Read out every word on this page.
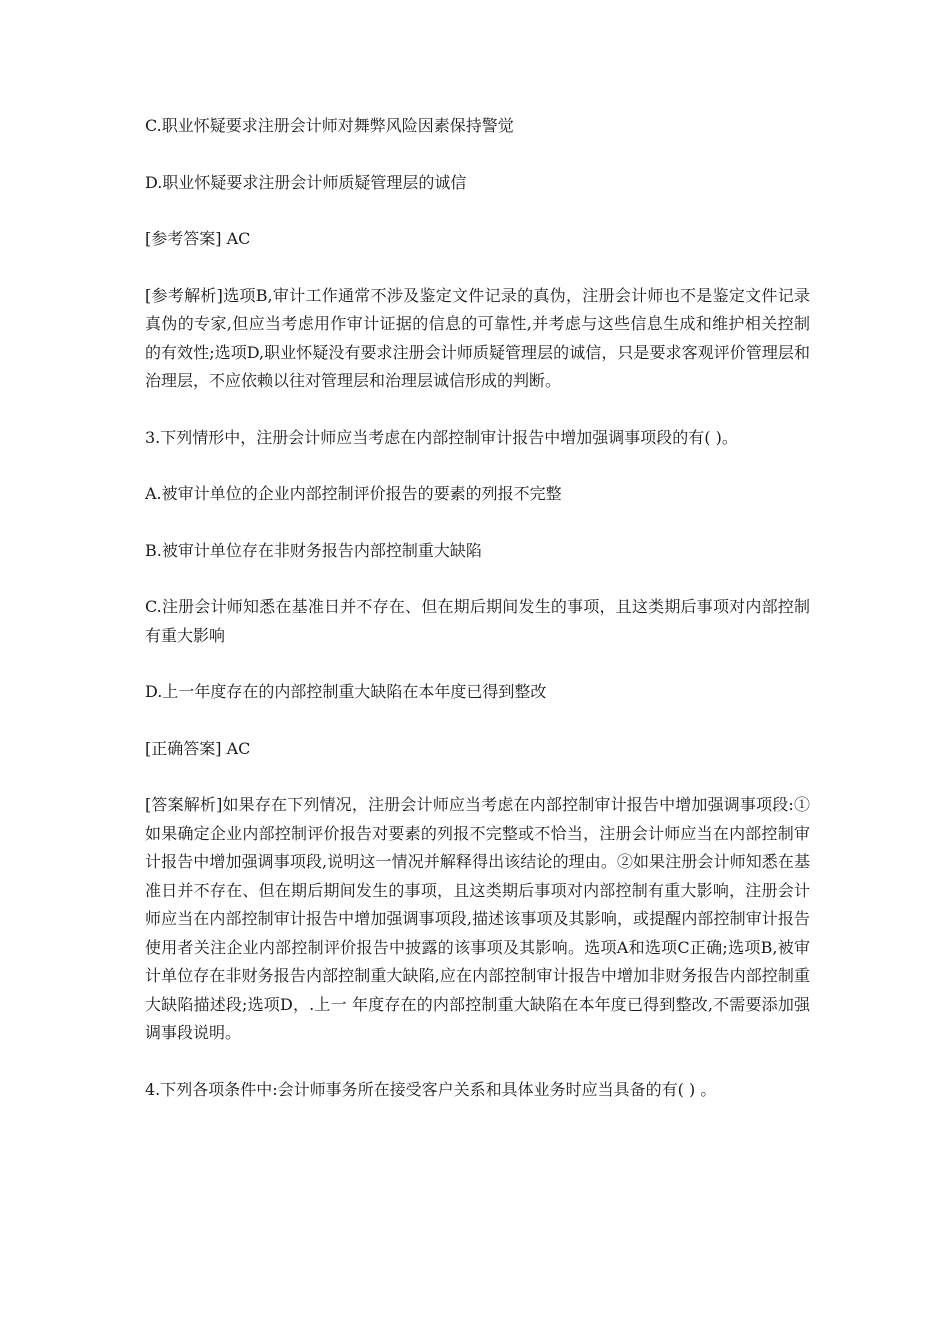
C.职业怀疑要求注册会计师对舞弊风险因素保持警觉

D.职业怀疑要求注册会计师质疑管理层的诚信

[参考答案] AC

[参考解析]选项B,审计工作通常不涉及鉴定文件记录的真伪，注册会计师也不是鉴定文件记录真伪的专家,但应当考虑用作审计证据的信息的可靠性,并考虑与这些信息生成和维护相关控制的有效性;选项D,职业怀疑没有要求注册会计师质疑管理层的诚信，只是要求客观评价管理层和治理层，不应依赖以往对管理层和治理层诚信形成的判断。

3.下列情形中，注册会计师应当考虑在内部控制审计报告中增加强调事项段的有( )。

A.被审计单位的企业内部控制评价报告的要素的列报不完整

B.被审计单位存在非财务报告内部控制重大缺陷

C.注册会计师知悉在基准日并不存在、但在期后期间发生的事项，且这类期后事项对内部控制有重大影响

D.上一年度存在的内部控制重大缺陷在本年度已得到整改

[正确答案] AC

[答案解析]如果存在下列情况，注册会计师应当考虑在内部控制审计报告中增加强调事项段:① 如果确定企业内部控制评价报告对要素的列报不完整或不恰当，注册会计师应当在内部控制审计报告中增加强调事项段,说明这一情况并解释得出该结论的理由。②如果注册会计师知悉在基准日并不存在、但在期后期间发生的事项，且这类期后事项对内部控制有重大影响，注册会计师应当在内部控制审计报告中增加强调事项段,描述该事项及其影响，或提醒内部控制审计报告使用者关注企业内部控制评价报告中披露的该事项及其影响。选项A和选项C正确;选项B,被审计单位存在非财务报告内部控制重大缺陷,应在内部控制审计报告中增加非财务报告内部控制重大缺陷描述段;选项D，.上一 年度存在的内部控制重大缺陷在本年度已得到整改,不需要添加强调事段说明。

4.下列各项条件中:会计师事务所在接受客户关系和具体业务时应当具备的有( ) 。
